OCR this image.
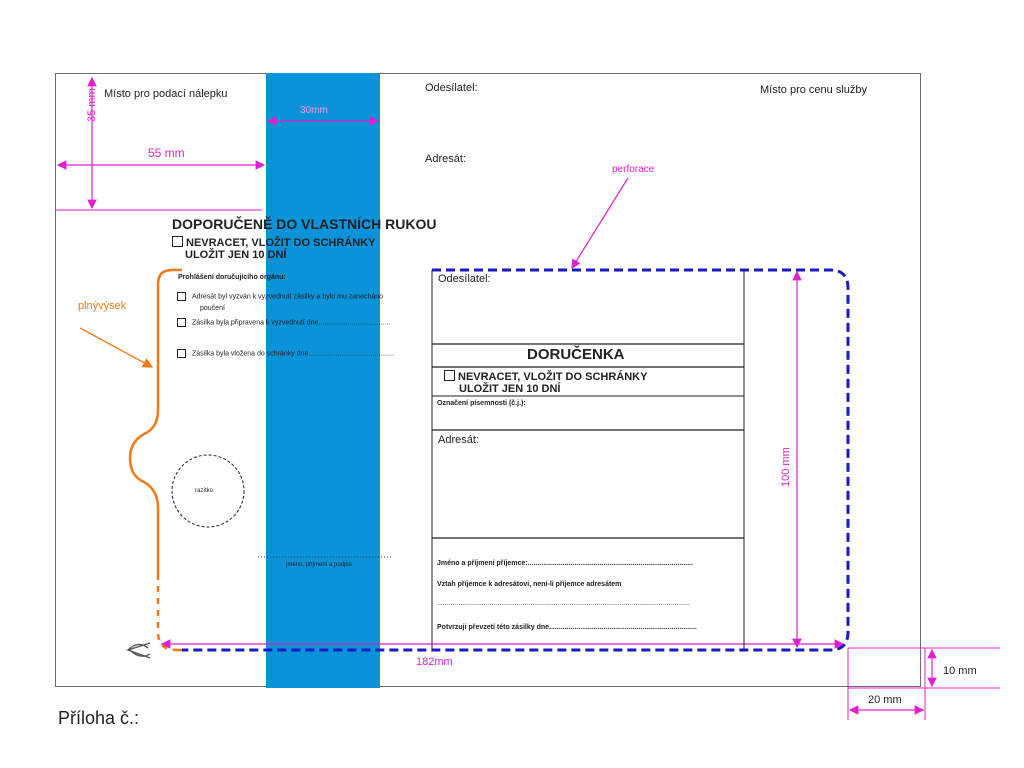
Místo pro podací nálepku	Odesílatel:
Adresát:
Místo pro cenu služby
35 mm
55 mm
30mm
100 mm
182mm
10 mm
20 mm
perforace
plnývýsek
DOPORUČENĚ DO VLASTNÍCH RUKOU
NEVRACET, VLOŽIT DO SCHRÁNKY
ULOŽIT JEN 10 DNÍ
Prohlášení doručujícího orgánu:
Adresát byl vyzván k vyzvednutí zásilky a bylo mu zanecháno
poučení
Zásilka byla připravena k vyzvednutí dne.....................................
Zásilka byla vložena do schránky dne............................................
razítko
jméno, příjmení a podpis
Odesílatel:
DORUČENKA
NEVRACET, VLOŽIT DO SCHRÁNKY
ULOŽIT JEN 10 DNÍ
Označení písemnosti (č.j.):
Adresát:
Jméno a příjmení příjemce:.....................................................................................
Vztah příjemce k adresátovi, není-li příjemce adresátem
..................................................................................................................................
Potvrzuji převzetí této zásilky dne............................................................................
Příloha č.:
